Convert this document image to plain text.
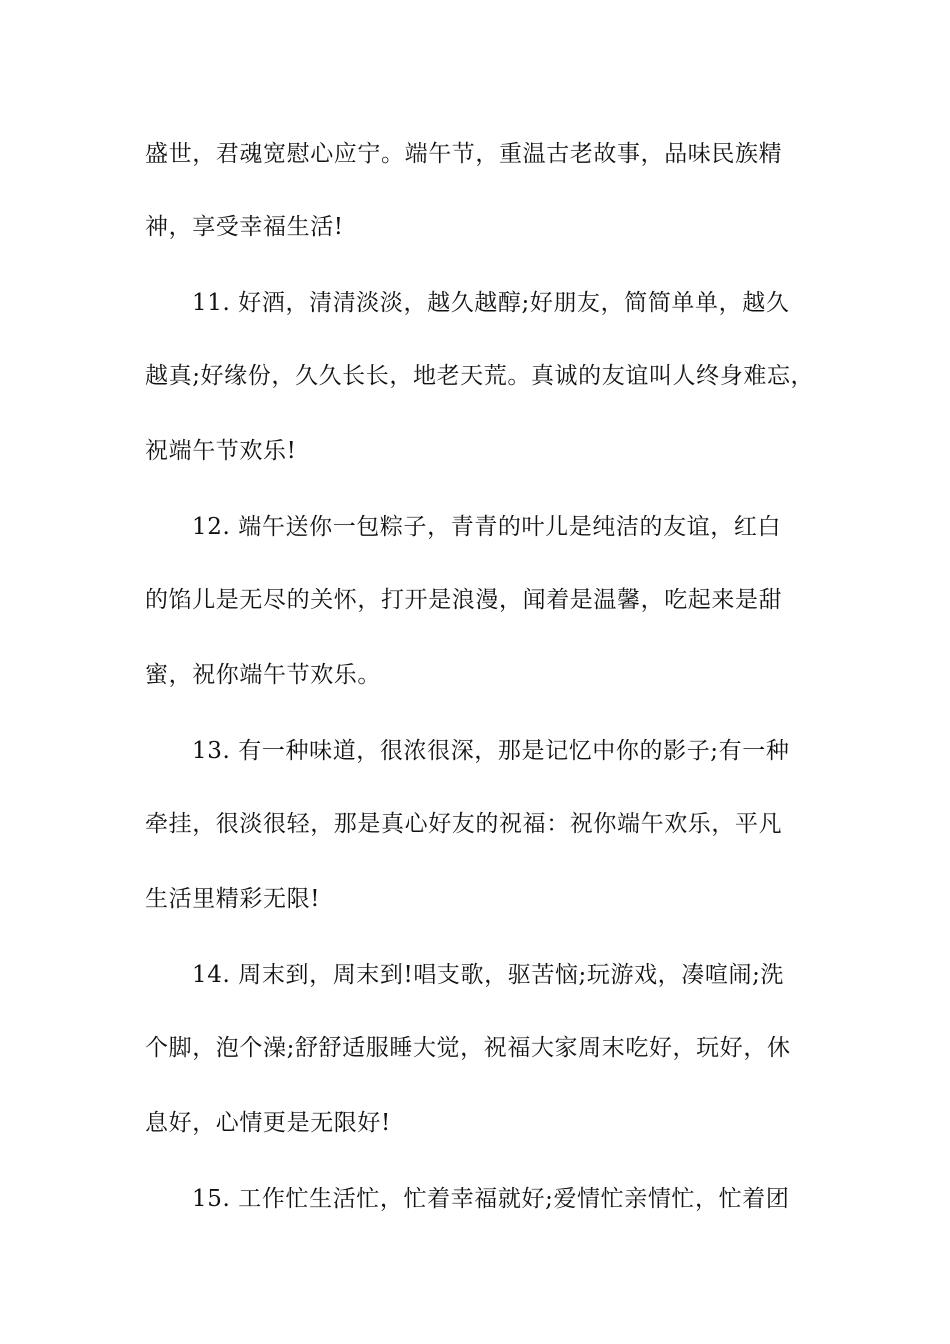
盛世，君魂宽慰心应宁。端午节，重温古老故事，品味民族精
神，享受幸福生活!
11. 好酒，清清淡淡，越久越醇;好朋友，简简单单，越久
越真;好缘份，久久长长，地老天荒。真诚的友谊叫人终身难忘，
祝端午节欢乐!
12. 端午送你一包粽子，青青的叶儿是纯洁的友谊，红白
的馅儿是无尽的关怀，打开是浪漫，闻着是温馨，吃起来是甜
蜜，祝你端午节欢乐。
13. 有一种味道，很浓很深，那是记忆中你的影子;有一种
牵挂，很淡很轻，那是真心好友的祝福：祝你端午欢乐，平凡
生活里精彩无限!
14. 周末到，周末到!唱支歌，驱苦恼;玩游戏，凑喧闹;洗
个脚，泡个澡;舒舒适服睡大觉，祝福大家周末吃好，玩好，休
息好，心情更是无限好!
15. 工作忙生活忙，忙着幸福就好;爱情忙亲情忙，忙着团
